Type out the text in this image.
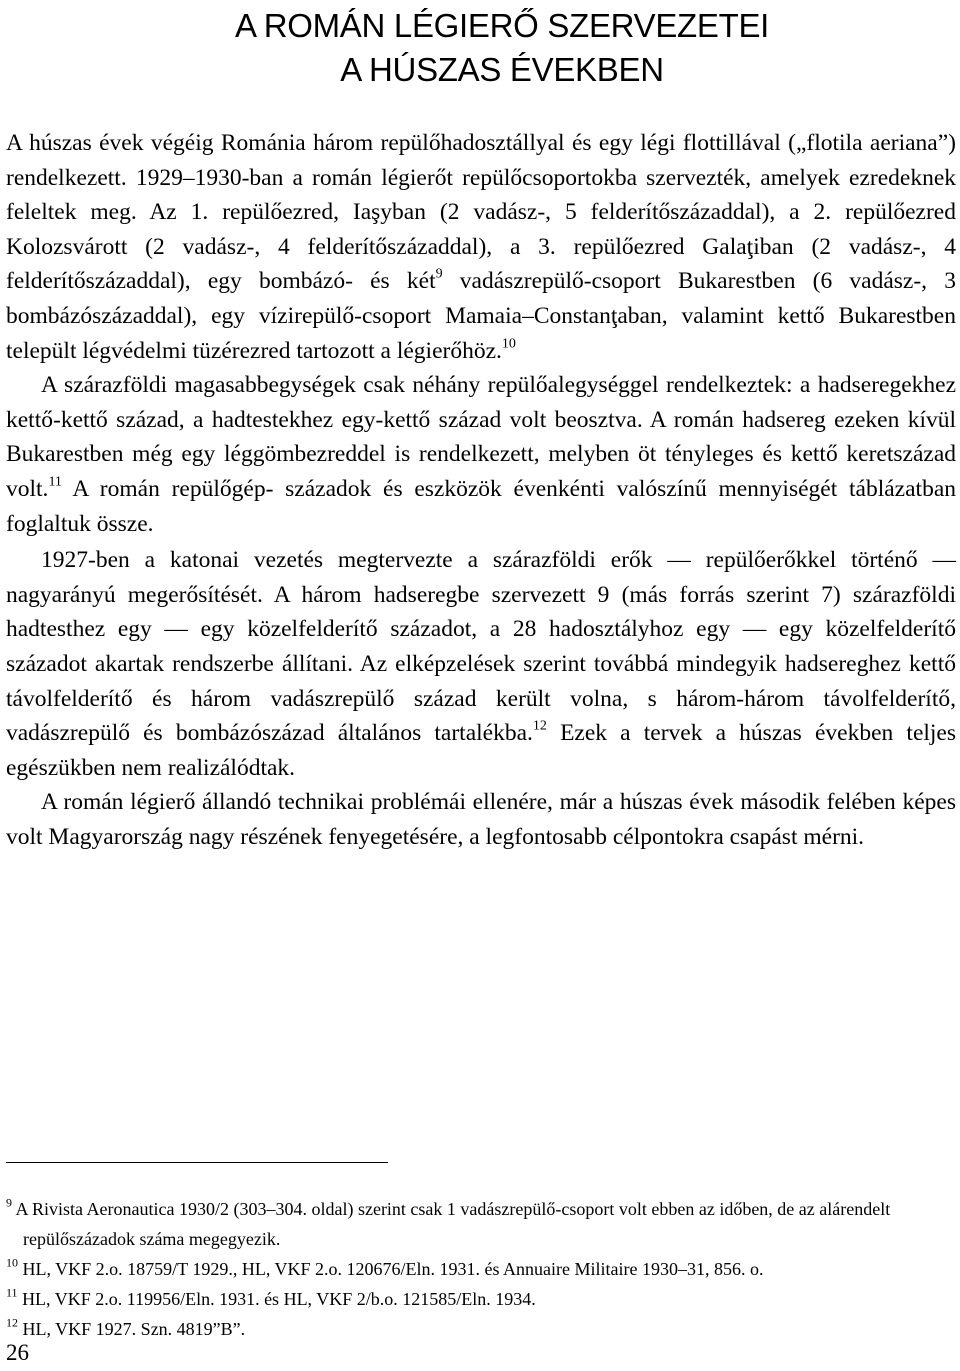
A ROMÁN LÉGIERŐ SZERVEZETEI
A HÚSZAS ÉVEKBEN

A húszas évek végéig Románia három repülőhadosztállyal és egy légi flottillával („flotila aeriana”) rendelkezett. 1929–1930-ban a román légierőt repülőcsoportokba szervezték, amelyek ezredeknek feleltek meg. Az 1. repülőezred, Iaşyban (2 vadász-, 5 felderítőszázaddal), a 2. repülőezred Kolozsvárott (2 vadász-, 4 felderítőszázaddal), a 3. repülőezred Galaţiban (2 vadász-, 4 felderítőszázaddal), egy bombázó- és két$^9$ vadászrepülő-csoport Bukarestben (6 vadász-, 3 bombázószázaddal), egy vízirepülő-csoport Mamaia–Constanţaban, valamint kettő Bukarestben települt légvédelmi tüzérezred tartozott a légierőhöz.$^{10}$

A szárazföldi magasabbegységek csak néhány repülőalegységgel rendelkeztek: a hadseregekhez kettő-kettő század, a hadtestekhez egy-kettő század volt beosztva. A román hadsereg ezeken kívül Bukarestben még egy léggömbezreddel is rendelkezett, melyben öt tényleges és kettő keretszázad volt.$^{11}$ A román repülőgép- századok és eszközök évenkénti valószínű mennyiségét táblázatban foglaltuk össze.

1927-ben a katonai vezetés megtervezte a szárazföldi erők — repülőerőkkel történő — nagyarányú megerősítését. A három hadseregbe szervezett 9 (más forrás szerint 7) szárazföldi hadtesthez egy — egy közelfelderítő századot, a 28 hadosztályhoz egy — egy közelfelderítő századot akartak rendszerbe állítani. Az elképzelések szerint továbbá mindegyik hadsereghez kettő távolfelderítő és három vadászrepülő század került volna, s három-három távolfelderítő, vadászrepülő és bombázószázad általános tartalékba.$^{12}$ Ezek a tervek a húszas években teljes egészükben nem realizálódtak.

A román légierő állandó technikai problémái ellenére, már a húszas évek második felében képes volt Magyarország nagy részének fenyegetésére, a legfontosabb célpontokra csapást mérni.

$^9$ A Rivista Aeronautica 1930/2 (303–304. oldal) szerint csak 1 vadászrepülő-csoport volt ebben az időben, de az alárendelt repülőszázadok száma megegyezik.

$^{10}$ HL, VKF 2.o. 18759/T 1929., HL, VKF 2.o. 120676/Eln. 1931. és Annuaire Militaire 1930–31, 856. o.

$^{11}$ HL, VKF 2.o. 119956/Eln. 1931. és HL, VKF 2/b.o. 121585/Eln. 1934.

$^{12}$ HL, VKF 1927. Szn. 4819”B”.

26
